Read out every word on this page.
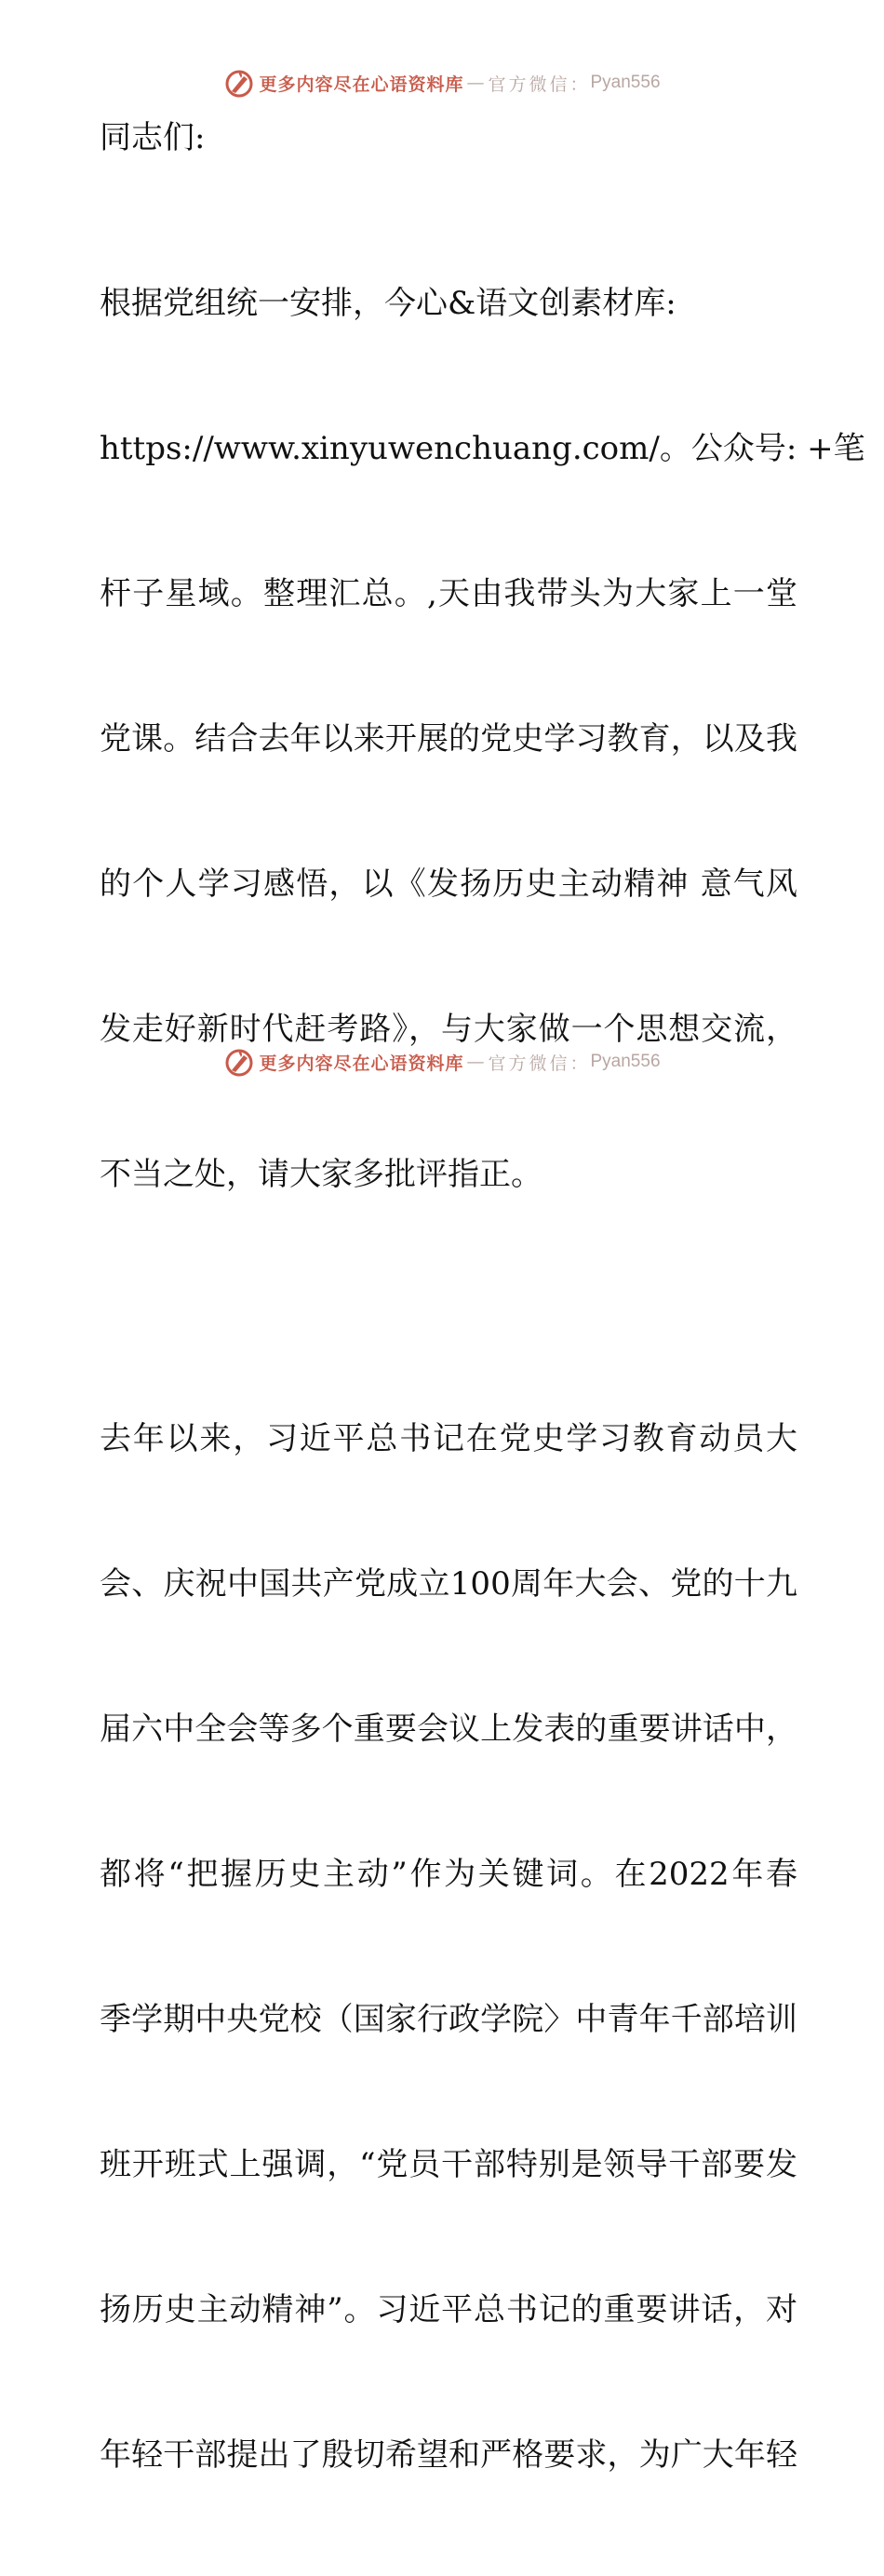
更多内容尽在心语资料库 — 官方微信： Pyan556

同志们:

根据党组统一安排，今心&语文创素材库:

https://www.xinyuwenchuang.com/。公众号: +笔

杆子星域。整理汇总。,天由我带头为大家上一堂

党课。结合去年以来开展的党史学习教育，以及我

的个人学习感悟，以《发扬历史主动精神 意气风

发走好新时代赶考路》，与大家做一个思想交流，

不当之处，请大家多批评指正。

去年以来，习近平总书记在党史学习教育动员大

会、庆祝中国共产党成立100周年大会、党的十九

届六中全会等多个重要会议上发表的重要讲话中，

都将“把握历史主动”作为关键词。在2022年春

季学期中央党校（国家行政学院〉中青年千部培训

班开班式上强调，“党员干部特别是领导干部要发

扬历史主动精神”。习近平总书记的重要讲话，对

年轻干部提出了殷切希望和严格要求，为广大年轻

更多内容尽在心语资料库 — 官方微信： Pyan556
